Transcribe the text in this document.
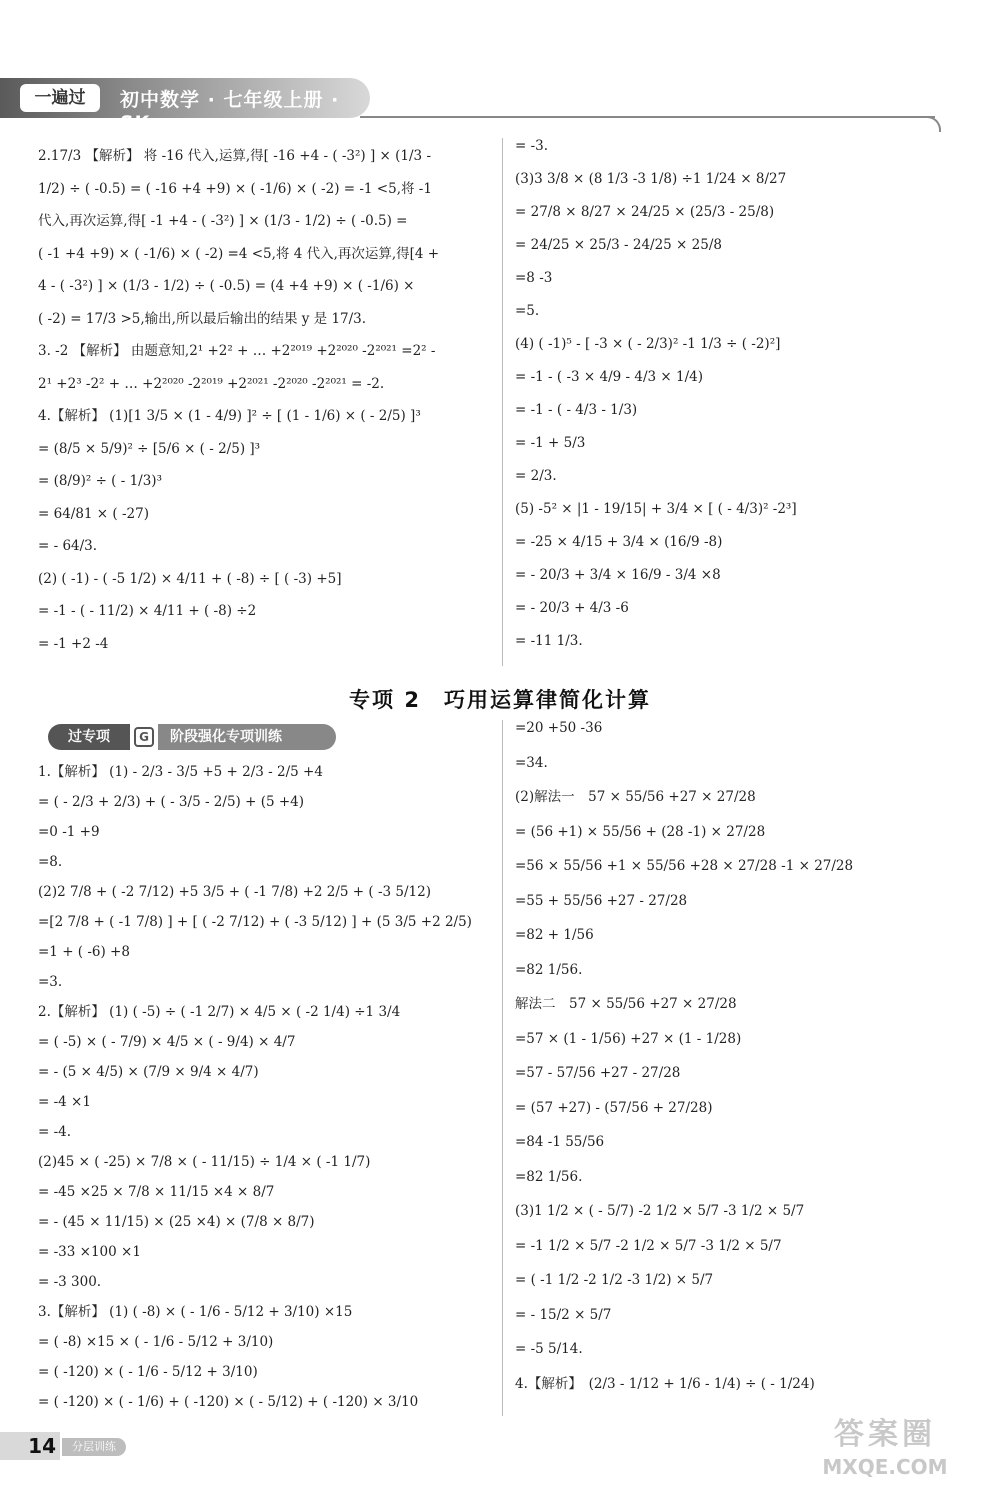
一遍过	初中数学 · 七年级上册 · SK
2.17/3 【解析】 将 -16 代入,运算,得[ -16 +4 - ( -3²) ] × (1/3 -
1/2) ÷ ( -0.5) = ( -16 +4 +9) × ( -1/6) × ( -2) = -1 <5,将 -1
代入,再次运算,得[ -1 +4 - ( -3²) ] × (1/3 - 1/2) ÷ ( -0.5) =
( -1 +4 +9) × ( -1/6) × ( -2) =4 <5,将 4 代入,再次运算,得[4 +
4 - ( -3²) ] × (1/3 - 1/2) ÷ ( -0.5) = (4 +4 +9) × ( -1/6) ×
( -2) = 17/3 >5,输出,所以最后输出的结果 y 是 17/3.
3. -2 【解析】 由题意知,2¹ +2² + … +2²⁰¹⁹ +2²⁰²⁰ -2²⁰²¹ =2² -
2¹ +2³ -2² + … +2²⁰²⁰ -2²⁰¹⁹ +2²⁰²¹ -2²⁰²⁰ -2²⁰²¹ = -2.
4.【解析】 (1)[1 3/5 × (1 - 4/9) ]² ÷ [ (1 - 1/6) × ( - 2/5) ]³
= (8/5 × 5/9)² ÷ [5/6 × ( - 2/5) ]³
= (8/9)² ÷ ( - 1/3)³
= 64/81 × ( -27)
= - 64/3.
(2) ( -1) - ( -5 1/2) × 4/11 + ( -8) ÷ [ ( -3) +5]
= -1 - ( - 11/2) × 4/11 + ( -8) ÷2
= -1 +2 -4
= -3.
(3)3 3/8 × (8 1/3 -3 1/8) ÷1 1/24 × 8/27
= 27/8 × 8/27 × 24/25 × (25/3 - 25/8)
= 24/25 × 25/3 - 24/25 × 25/8
=8 -3
=5.
(4) ( -1)⁵ - [ -3 × ( - 2/3)² -1 1/3 ÷ ( -2)²]
= -1 - ( -3 × 4/9 - 4/3 × 1/4)
= -1 - ( - 4/3 - 1/3)
= -1 + 5/3
= 2/3.
(5) -5² × |1 - 19/15| + 3/4 × [ ( - 4/3)² -2³]
= -25 × 4/15 + 3/4 × (16/9 -8)
= - 20/3 + 3/4 × 16/9 - 3/4 ×8
= - 20/3 + 4/3 -6
= -11 1/3.
专项 2　巧用运算律简化计算
过专项	G	阶段强化专项训练
1.【解析】 (1) - 2/3 - 3/5 +5 + 2/3 - 2/5 +4
= ( - 2/3 + 2/3) + ( - 3/5 - 2/5) + (5 +4)
=0 -1 +9
=8.
(2)2 7/8 + ( -2 7/12) +5 3/5 + ( -1 7/8) +2 2/5 + ( -3 5/12)
=[2 7/8 + ( -1 7/8) ] + [ ( -2 7/12) + ( -3 5/12) ] + (5 3/5 +2 2/5)
=1 + ( -6) +8
=3.
2.【解析】 (1) ( -5) ÷ ( -1 2/7) × 4/5 × ( -2 1/4) ÷1 3/4
= ( -5) × ( - 7/9) × 4/5 × ( - 9/4) × 4/7
= - (5 × 4/5) × (7/9 × 9/4 × 4/7)
= -4 ×1
= -4.
(2)45 × ( -25) × 7/8 × ( - 11/15) ÷ 1/4 × ( -1 1/7)
= -45 ×25 × 7/8 × 11/15 ×4 × 8/7
= - (45 × 11/15) × (25 ×4) × (7/8 × 8/7)
= -33 ×100 ×1
= -3 300.
3.【解析】 (1) ( -8) × ( - 1/6 - 5/12 + 3/10) ×15
= ( -8) ×15 × ( - 1/6 - 5/12 + 3/10)
= ( -120) × ( - 1/6 - 5/12 + 3/10)
= ( -120) × ( - 1/6) + ( -120) × ( - 5/12) + ( -120) × 3/10
=20 +50 -36
=34.
(2)解法一　57 × 55/56 +27 × 27/28
= (56 +1) × 55/56 + (28 -1) × 27/28
=56 × 55/56 +1 × 55/56 +28 × 27/28 -1 × 27/28
=55 + 55/56 +27 - 27/28
=82 + 1/56
=82 1/56.
解法二　57 × 55/56 +27 × 27/28
=57 × (1 - 1/56) +27 × (1 - 1/28)
=57 - 57/56 +27 - 27/28
= (57 +27) - (57/56 + 27/28)
=84 -1 55/56
=82 1/56.
(3)1 1/2 × ( - 5/7) -2 1/2 × 5/7 -3 1/2 × 5/7
= -1 1/2 × 5/7 -2 1/2 × 5/7 -3 1/2 × 5/7
= ( -1 1/2 -2 1/2 -3 1/2) × 5/7
= - 15/2 × 5/7
= -5 5/14.
4.【解析】　(2/3 - 1/12 + 1/6 - 1/4) ÷ ( - 1/24)
14	分层训练	答案圈
MXQE.COM
